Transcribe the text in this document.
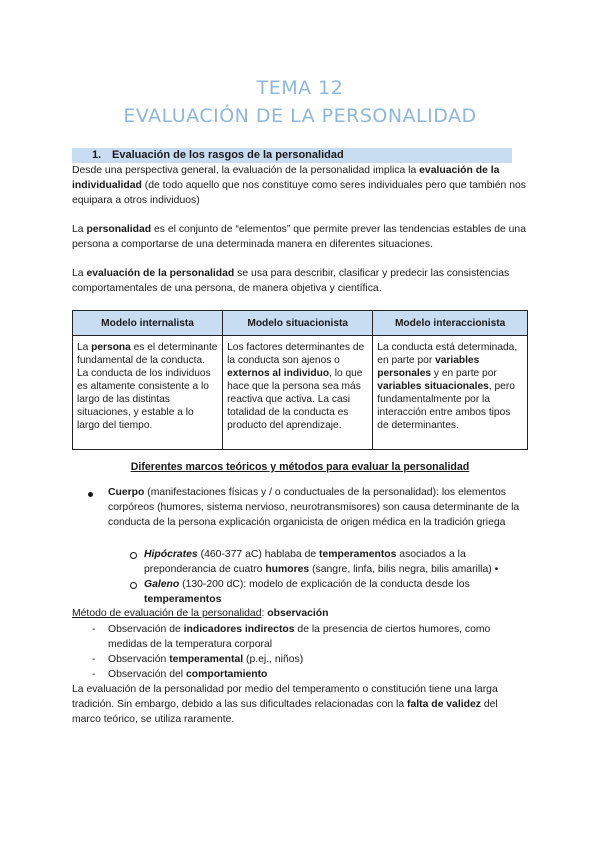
TEMA 12
EVALUACIÓN DE LA PERSONALIDAD
1. Evaluación de los rasgos de la personalidad
Desde una perspectiva general, la evaluación de la personalidad implica la evaluación de la individualidad (de todo aquello que nos constituye como seres individuales pero que también nos equipara a otros individuos)
La personalidad es el conjunto de “elementos” que permite prever las tendencias estables de una persona a comportarse de una determinada manera en diferentes situaciones.
La evaluación de la personalidad se usa para describir, clasificar y predecir las consistencias comportamentales de una persona, de manera objetiva y científica.
Modelo internalista	Modelo situacionista	Modelo interaccionista
La persona es el determinante fundamental de la conducta. La conducta de los individuos es altamente consistente a lo largo de las distintas situaciones, y estable a lo largo del tiempo.	Los factores determinantes de la conducta son ajenos o externos al individuo, lo que hace que la persona sea más reactiva que activa. La casi totalidad de la conducta es producto del aprendizaje.	La conducta está determinada, en parte por variables personales y en parte por variables situacionales, pero fundamentalmente por la interacción entre ambos tipos de determinantes.
Diferentes marcos teóricos y métodos para evaluar la personalidad
Cuerpo (manifestaciones físicas y / o conductuales de la personalidad): los elementos corpóreos (humores, sistema nervioso, neurotransmisores) son causa determinante de la conducta de la persona explicación organicista de origen médica en la tradición griega
Hipócrates (460-377 aC) hablaba de temperamentos asociados a la preponderancia de cuatro humores (sangre, linfa, bilis negra, bilis amarilla) •
Galeno (130-200 dC): modelo de explicación de la conducta desde los temperamentos
Método de evaluación de la personalidad: observación
- Observación de indicadores indirectos de la presencia de ciertos humores, como medidas de la temperatura corporal
- Observación temperamental (p.ej., niños)
- Observación del comportamiento
La evaluación de la personalidad por medio del temperamento o constitución tiene una larga tradición. Sin embargo, debido a las sus dificultades relacionadas con la falta de validez del marco teórico, se utiliza raramente.
